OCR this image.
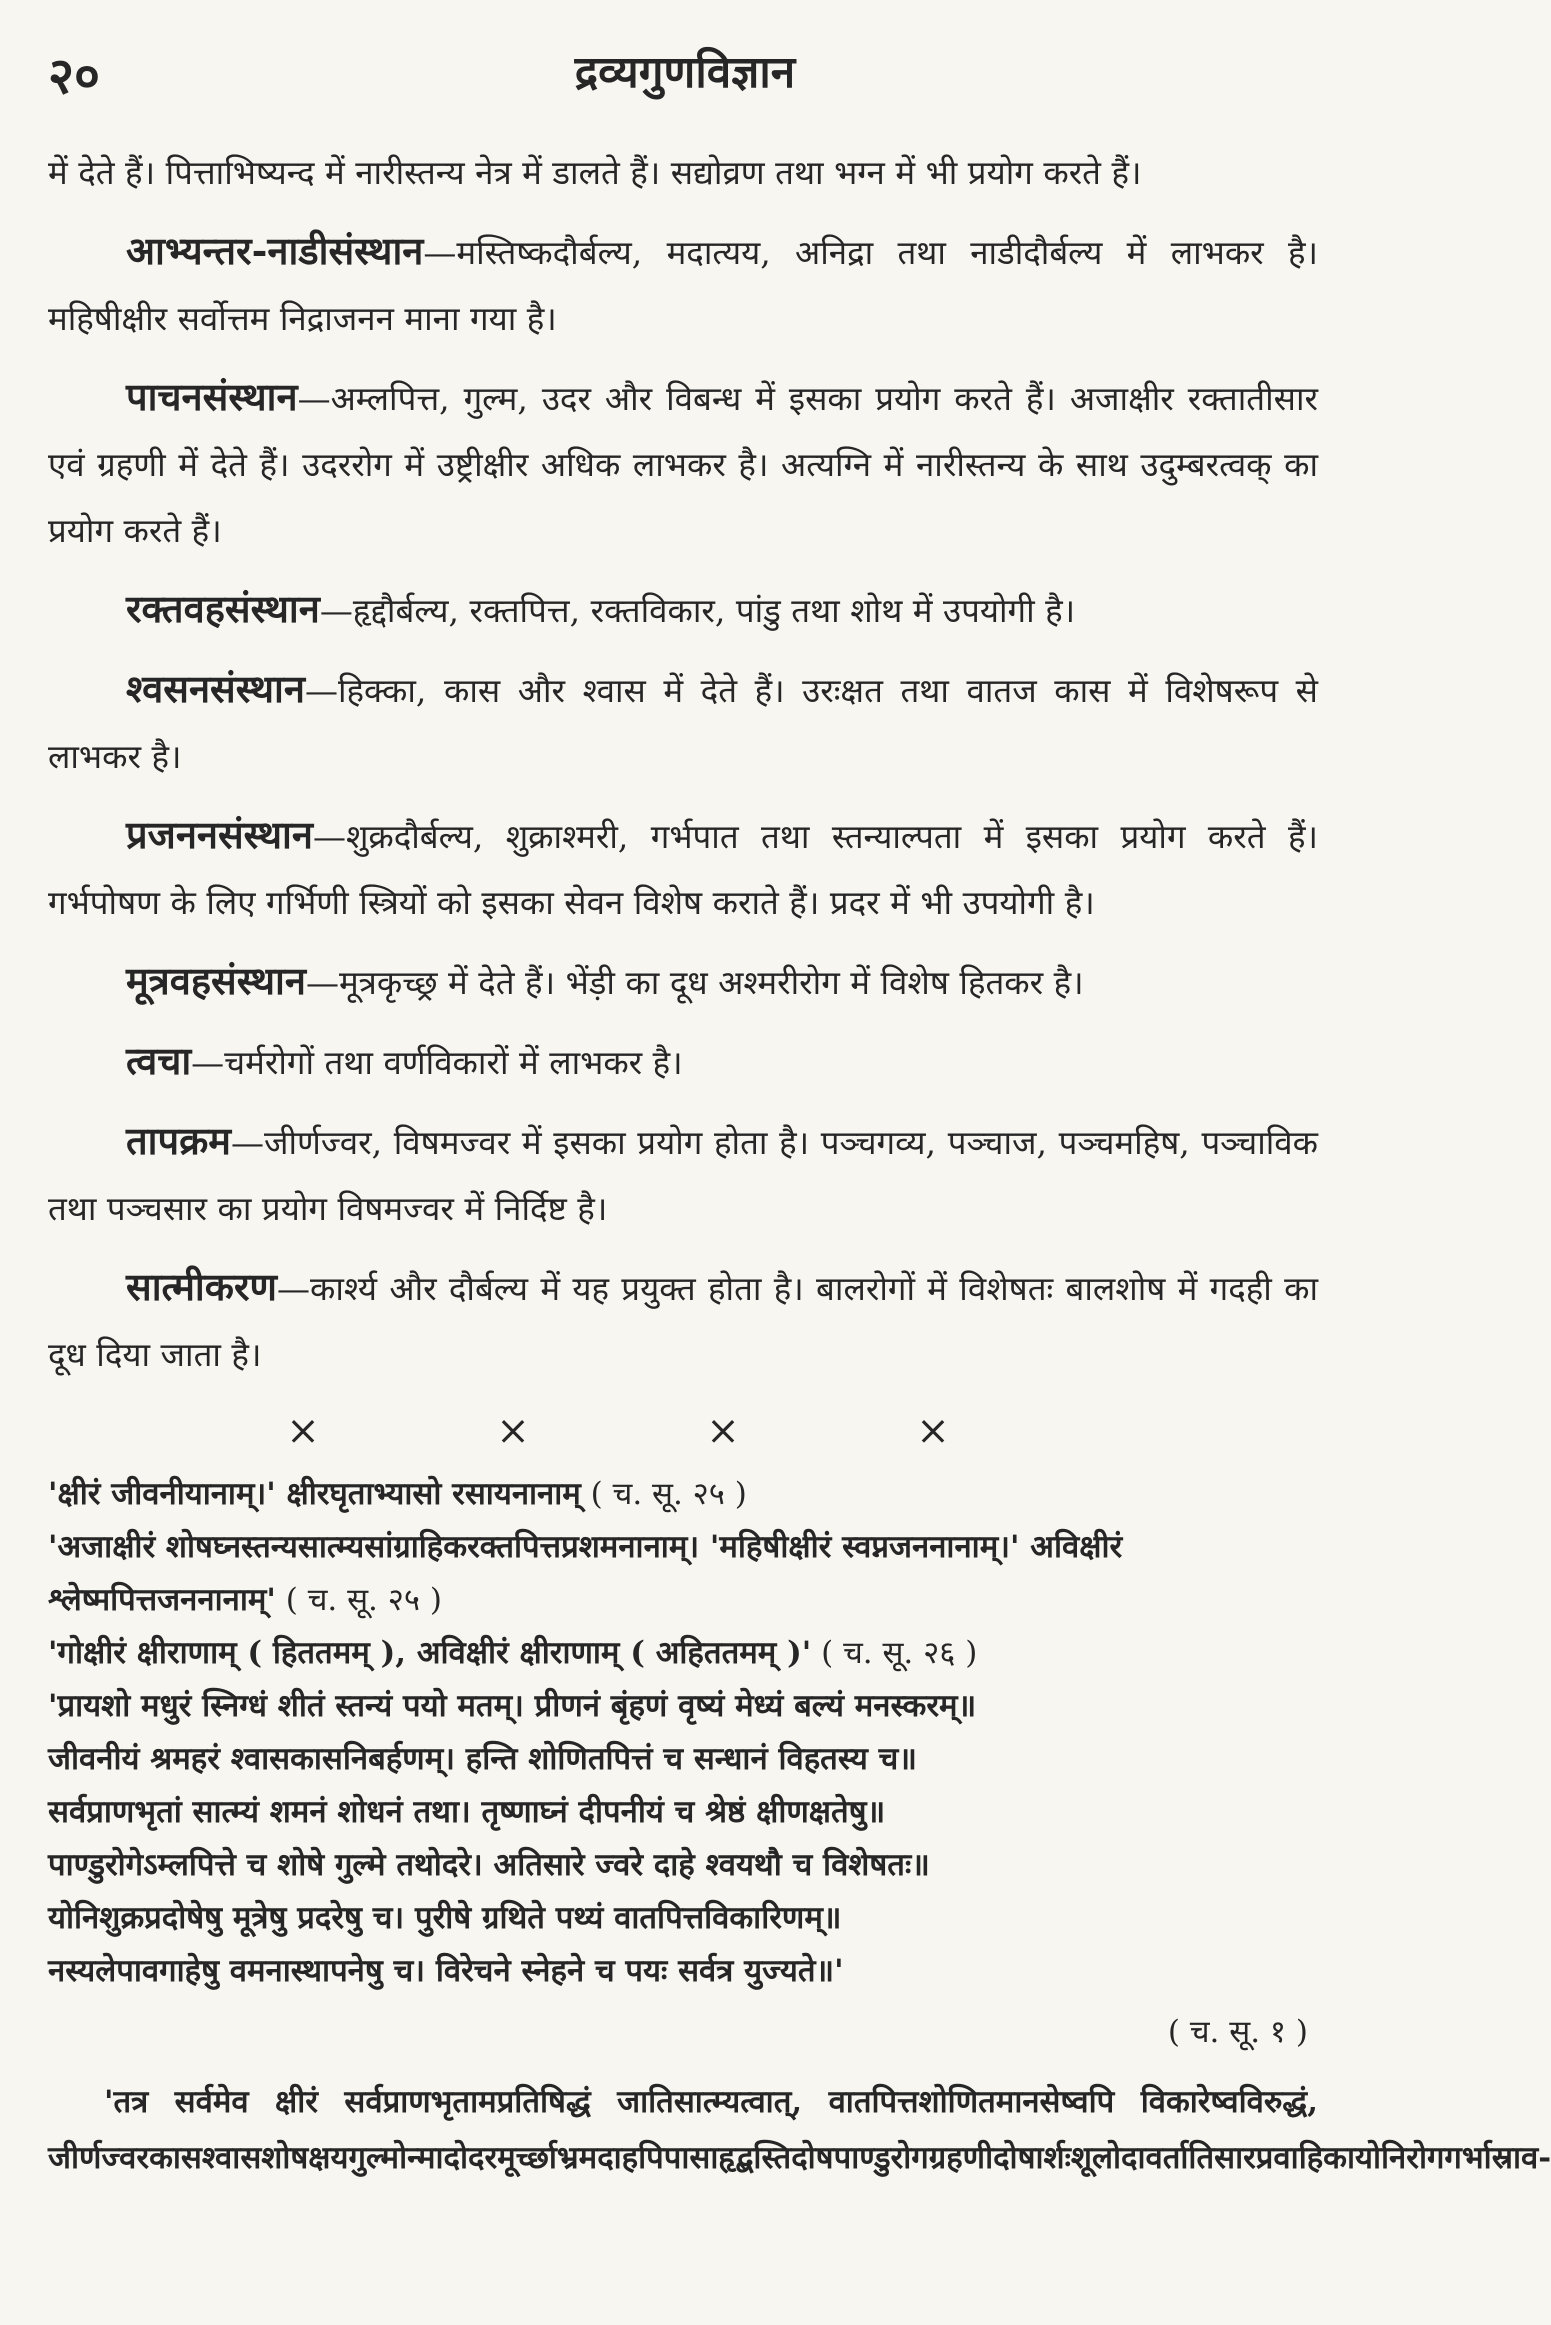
२०	द्रव्यगुणविज्ञान

में देते हैं। पित्ताभिष्यन्द में नारीस्तन्य नेत्र में डालते हैं। सद्योव्रण तथा भग्न में भी प्रयोग करते हैं।

आभ्यन्तर-नाडीसंस्थान—मस्तिष्कदौर्बल्य, मदात्यय, अनिद्रा तथा नाडीदौर्बल्य में लाभकर है। महिषीक्षीर सर्वोत्तम निद्राजनन माना गया है।

पाचनसंस्थान—अम्लपित्त, गुल्म, उदर और विबन्ध में इसका प्रयोग करते हैं। अजाक्षीर रक्तातीसार एवं ग्रहणी में देते हैं। उदररोग में उष्ट्रीक्षीर अधिक लाभकर है। अत्यग्नि में नारीस्तन्य के साथ उदुम्बरत्वक् का प्रयोग करते हैं।

रक्तवहसंस्थान—हृद्दौर्बल्य, रक्तपित्त, रक्तविकार, पांडु तथा शोथ में उपयोगी है।

श्वसनसंस्थान—हिक्का, कास और श्वास में देते हैं। उरःक्षत तथा वातज कास में विशेषरूप से लाभकर है।

प्रजननसंस्थान—शुक्रदौर्बल्य, शुक्राश्मरी, गर्भपात तथा स्तन्याल्पता में इसका प्रयोग करते हैं। गर्भपोषण के लिए गर्भिणी स्त्रियों को इसका सेवन विशेष कराते हैं। प्रदर में भी उपयोगी है।

मूत्रवहसंस्थान—मूत्रकृच्छ्र में देते हैं। भेंड़ी का दूध अश्मरीरोग में विशेष हितकर है।

त्वचा—चर्मरोगों तथा वर्णविकारों में लाभकर है।

तापक्रम—जीर्णज्वर, विषमज्वर में इसका प्रयोग होता है। पञ्चगव्य, पञ्चाज, पञ्चमहिष, पञ्चाविक तथा पञ्चसार का प्रयोग विषमज्वर में निर्दिष्ट है।

सात्मीकरण—कार्श्य और दौर्बल्य में यह प्रयुक्त होता है। बालरोगों में विशेषतः बालशोष में गदही का दूध दिया जाता है।

×	×	×	×

'क्षीरं जीवनीयानाम्।' क्षीरघृताभ्यासो रसायनानाम् ( च. सू. २५ )

'अजाक्षीरं शोषघ्नस्तन्यसात्म्यसांग्राहिकरक्तपित्तप्रशमनानाम्। 'महिषीक्षीरं स्वप्नजननानाम्।' अविक्षीरं श्लेष्मपित्तजननानाम्' ( च. सू. २५ )

'गोक्षीरं क्षीराणाम् ( हिततमम् ), अविक्षीरं क्षीराणाम् ( अहिततमम् )' ( च. सू. २६ )

'प्रायशो मधुरं स्निग्धं शीतं स्तन्यं पयो मतम्। प्रीणनं बृंहणं वृष्यं मेध्यं बल्यं मनस्करम्॥

जीवनीयं श्रमहरं श्वासकासनिबर्हणम्। हन्ति शोणितपित्तं च सन्धानं विहतस्य च॥

सर्वप्राणभृतां सात्म्यं शमनं शोधनं तथा। तृष्णाघ्नं दीपनीयं च श्रेष्ठं क्षीणक्षतेषु॥

पाण्डुरोगेऽम्लपित्ते च शोषे गुल्मे तथोदरे। अतिसारे ज्वरे दाहे श्वयथौ च विशेषतः॥

योनिशुक्रप्रदोषेषु मूत्रेषु प्रदरेषु च। पुरीषे ग्रथिते पथ्यं वातपित्तविकारिणम्॥

नस्यलेपावगाहेषु वमनास्थापनेषु च। विरेचने स्नेहने च पयः सर्वत्र युज्यते॥'

( च. सू. १ )

'तत्र सर्वमेव क्षीरं सर्वप्राणभृतामप्रतिषिद्धं जातिसात्म्यत्वात्, वातपित्तशोणितमानसेष्वपि विकारेष्वविरुद्धं, जीर्णज्वरकासश्वासशोषक्षयगुल्मोन्मादोदरमूर्च्छाभ्रमदाहपिपासाहृद्बस्तिदोषपाण्डुरोगग्रहणीदोषार्शःशूलोदावर्तातिसारप्रवाहिकायोनिरोगगर्भास्राव-
